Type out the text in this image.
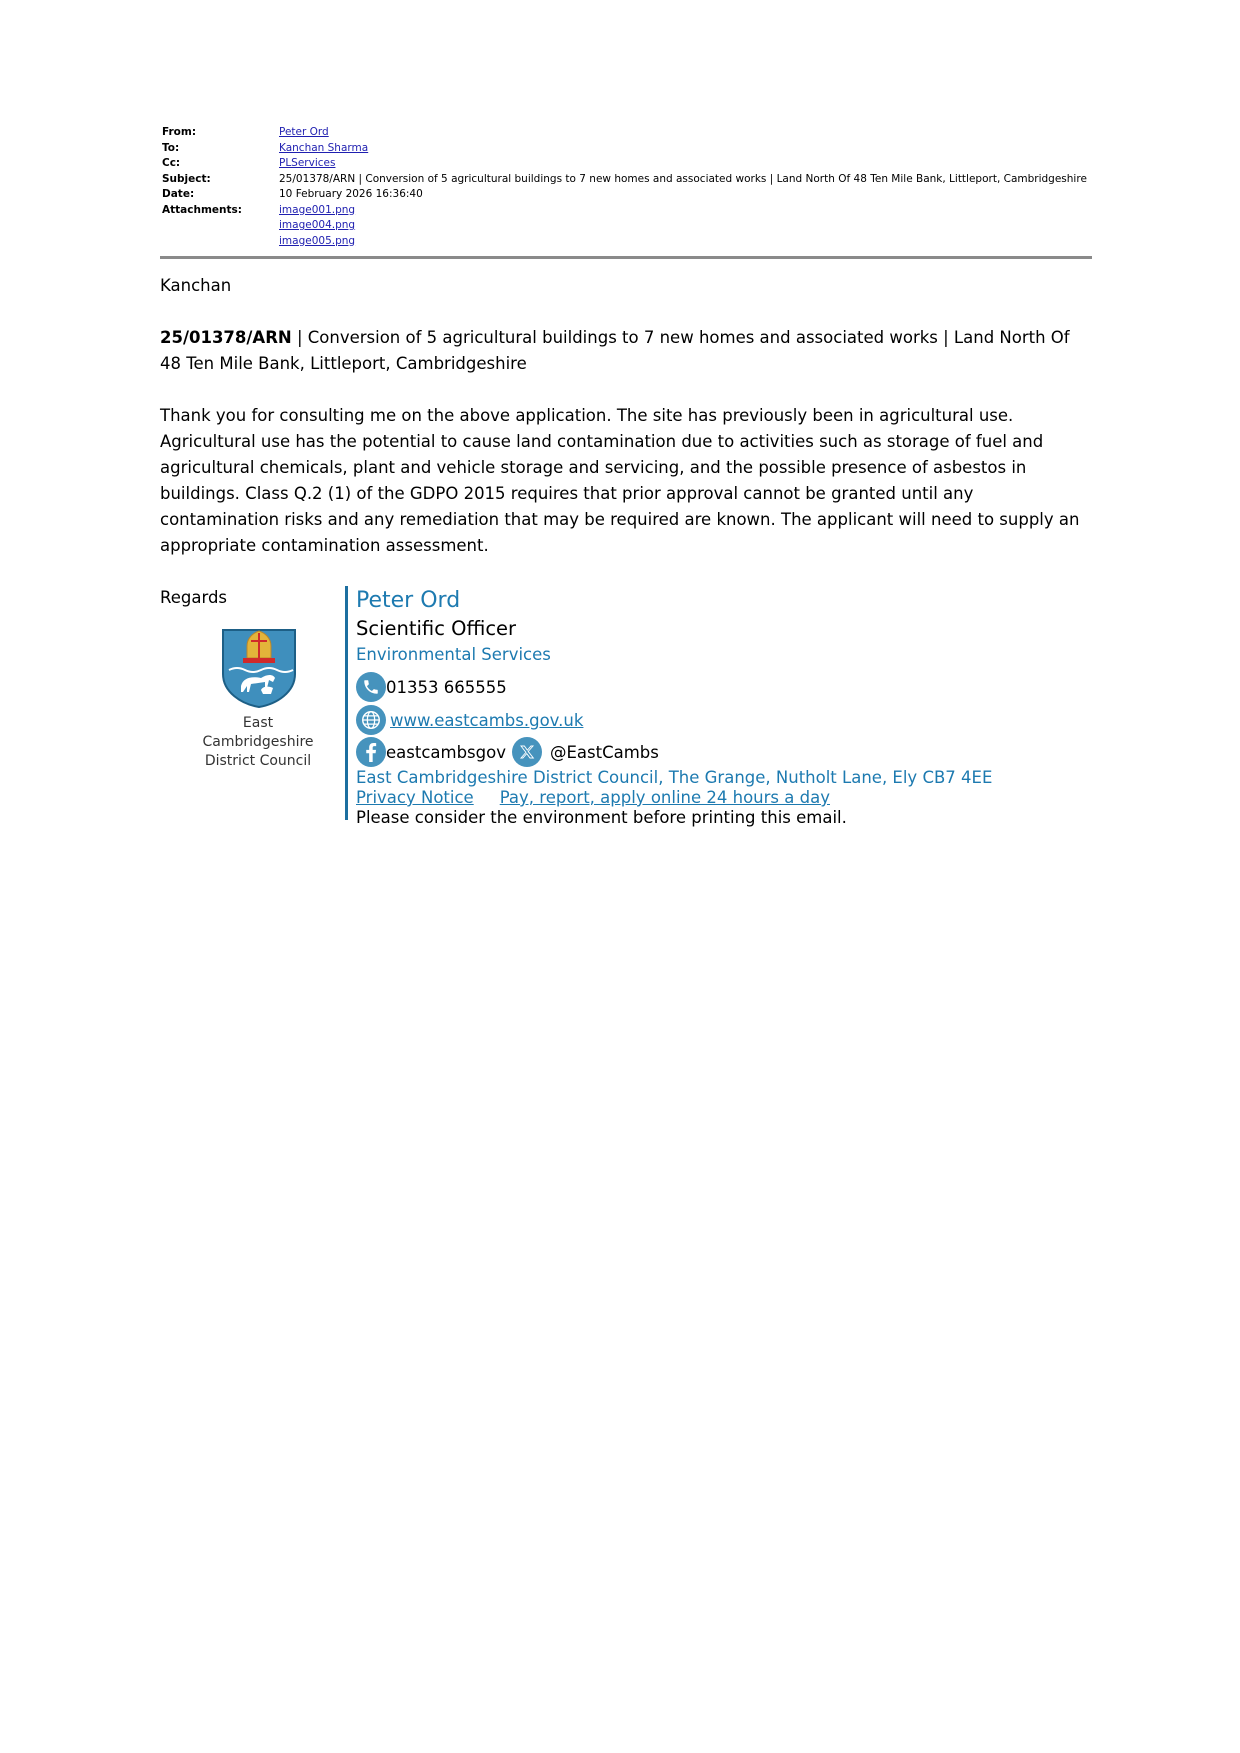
From:	Peter Ord
To:	Kanchan Sharma
Cc:	PLServices
Subject:	25/01378/ARN | Conversion of 5 agricultural buildings to 7 new homes and associated works | Land North Of 48 Ten Mile Bank, Littleport, Cambridgeshire
Date:	10 February 2026 16:36:40
Attachments:	image001.png
image004.png
image005.png

Kanchan

25/01378/ARN | Conversion of 5 agricultural buildings to 7 new homes and associated works | Land North Of 48 Ten Mile Bank, Littleport, Cambridgeshire

Thank you for consulting me on the above application. The site has previously been in agricultural use. Agricultural use has the potential to cause land contamination due to activities such as storage of fuel and agricultural chemicals, plant and vehicle storage and servicing, and the possible presence of asbestos in buildings. Class Q.2 (1) of the GDPO 2015 requires that prior approval cannot be granted until any contamination risks and any remediation that may be required are known. The applicant will need to supply an appropriate contamination assessment.

Regards

East Cambridgeshire
District Council
Peter Ord
Scientific Officer
Environmental Services
01353 665555
www.eastcambs.gov.uk
eastcambsgov	@EastCambs
East Cambridgeshire District Council, The Grange, Nutholt Lane, Ely CB7 4EE
Privacy Notice Pay, report, apply online 24 hours a day
Please consider the environment before printing this email.
